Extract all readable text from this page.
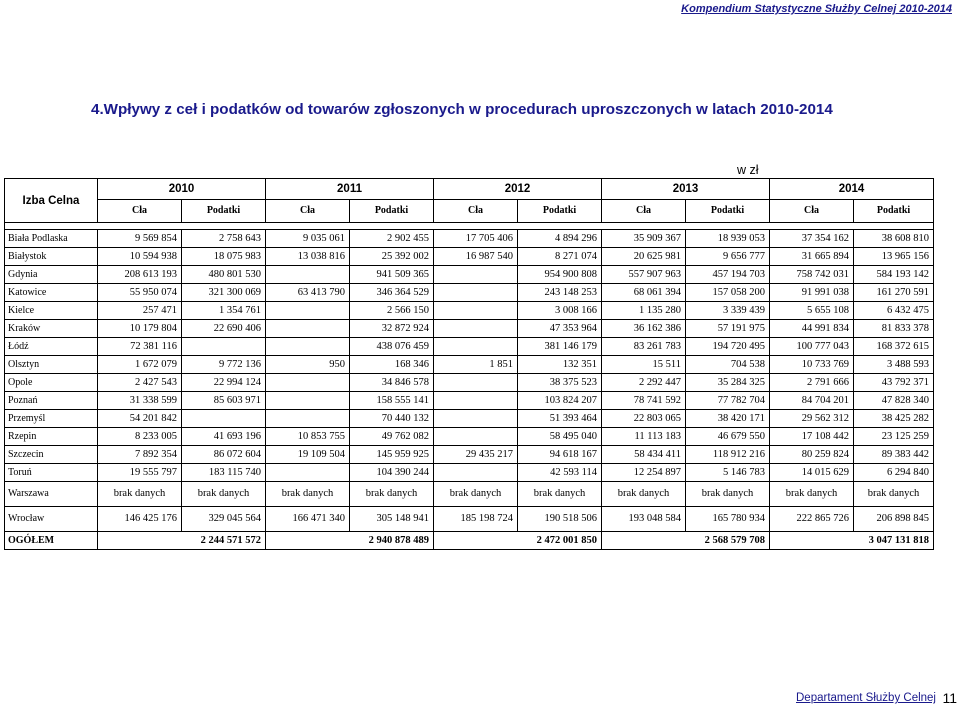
Kompendium Statystyczne Służby Celnej 2010-2014
4.Wpływy z ceł i podatków od towarów zgłoszonych w procedurach uproszczonych w latach 2010-2014
w zł
Izba Celna	2010		2011		2012		2013		2014	
	Cła	Podatki	Cła	Podatki	Cła	Podatki	Cła	Podatki	Cła	Podatki

Biała Podlaska	9 569 854	2 758 643	9 035 061	2 902 455	17 705 406	4 894 296	35 909 367	18 939 053	37 354 162	38 608 810
Białystok	10 594 938	18 075 983	13 038 816	25 392 002	16 987 540	8 271 074	20 625 981	9 656 777	31 665 894	13 965 156
Gdynia	208 613 193	480 801 530		941 509 365		954 900 808	557 907 963	457 194 703	758 742 031	584 193 142
Katowice	55 950 074	321 300 069	63 413 790	346 364 529		243 148 253	68 061 394	157 058 200	91 991 038	161 270 591
Kielce	257 471	1 354 761		2 566 150		3 008 166	1 135 280	3 339 439	5 655 108	6 432 475
Kraków	10 179 804	22 690 406		32 872 924		47 353 964	36 162 386	57 191 975	44 991 834	81 833 378
Łódź	72 381 116			438 076 459		381 146 179	83 261 783	194 720 495	100 777 043	168 372 615
Olsztyn	1 672 079	9 772 136	950	168 346	1 851	132 351	15 511	704 538	10 733 769	3 488 593
Opole	2 427 543	22 994 124		34 846 578		38 375 523	2 292 447	35 284 325	2 791 666	43 792 371
Poznań	31 338 599	85 603 971		158 555 141		103 824 207	78 741 592	77 782 704	84 704 201	47 828 340
Przemyśl	54 201 842			70 440 132		51 393 464	22 803 065	38 420 171	29 562 312	38 425 282
Rzepin	8 233 005	41 693 196	10 853 755	49 762 082		58 495 040	11 113 183	46 679 550	17 108 442	23 125 259
Szczecin	7 892 354	86 072 604	19 109 504	145 959 925	29 435 217	94 618 167	58 434 411	118 912 216	80 259 824	89 383 442
Toruń	19 555 797	183 115 740		104 390 244		42 593 114	12 254 897	5 146 783	14 015 629	6 294 840
Warszawa	brak danych	brak danych	brak danych	brak danych	brak danych	brak danych	brak danych	brak danych	brak danych	brak danych
Wrocław	146 425 176	329 045 564	166 471 340	305 148 941	185 198 724	190 518 506	193 048 584	165 780 934	222 865 726	206 898 845
OGÓŁEM	2 244 571 572		2 940 878 489		2 472 001 850		2 568 579 708		3 047 131 818	
Departament Służby Celnej 11
